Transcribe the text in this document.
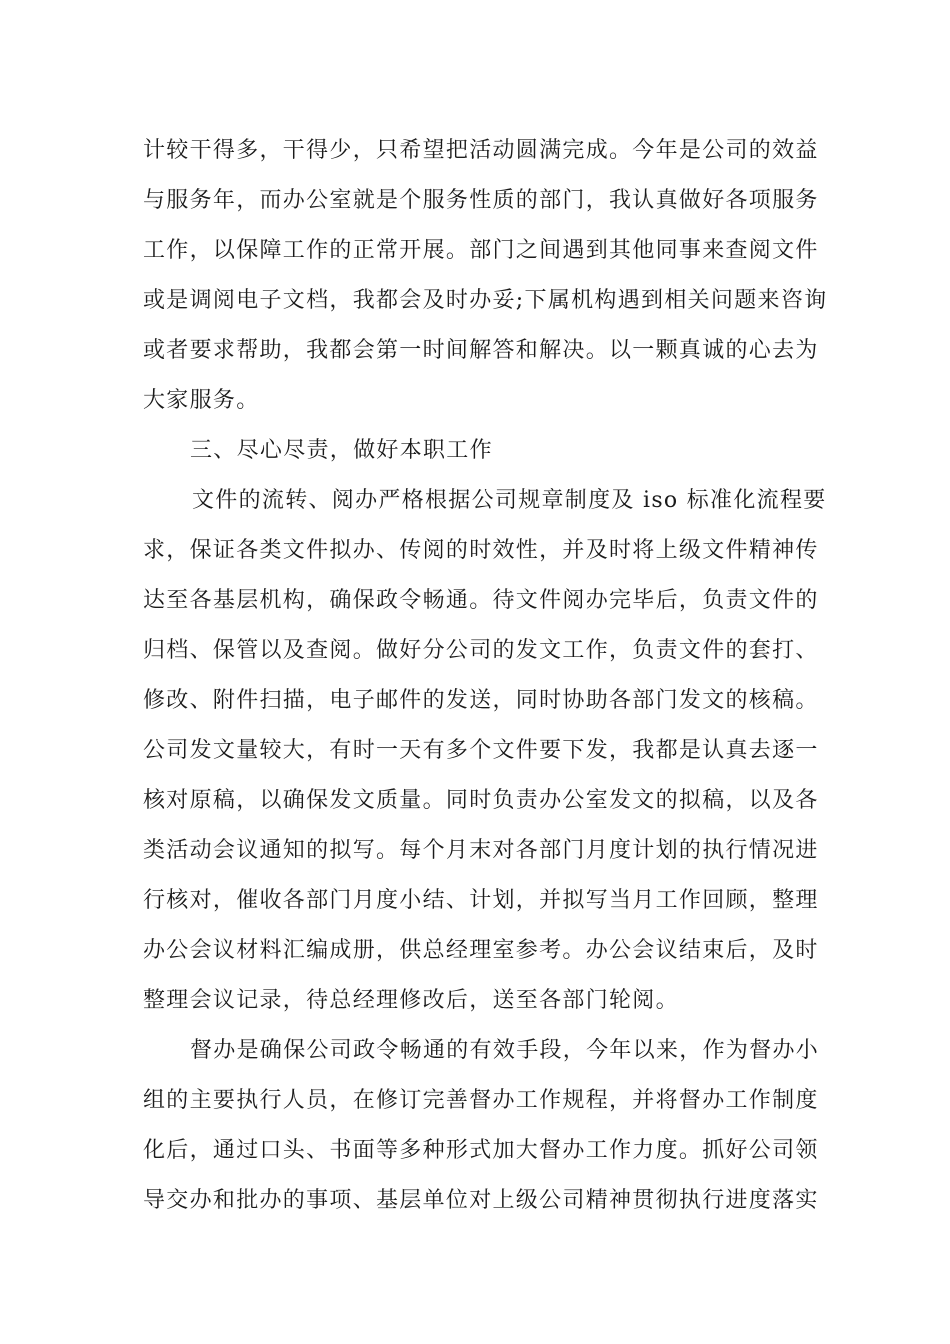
计较干得多，干得少，只希望把活动圆满完成。今年是公司的效益
与服务年，而办公室就是个服务性质的部门，我认真做好各项服务
工作，以保障工作的正常开展。部门之间遇到其他同事来查阅文件
或是调阅电子文档，我都会及时办妥;下属机构遇到相关问题来咨询
或者要求帮助，我都会第一时间解答和解决。以一颗真诚的心去为
大家服务。
三、尽心尽责，做好本职工作
文件的流转、阅办严格根据公司规章制度及 iso 标准化流程要
求，保证各类文件拟办、传阅的时效性，并及时将上级文件精神传
达至各基层机构，确保政令畅通。待文件阅办完毕后，负责文件的
归档、保管以及查阅。做好分公司的发文工作，负责文件的套打、
修改、附件扫描，电子邮件的发送，同时协助各部门发文的核稿。
公司发文量较大，有时一天有多个文件要下发，我都是认真去逐一
核对原稿，以确保发文质量。同时负责办公室发文的拟稿，以及各
类活动会议通知的拟写。每个月末对各部门月度计划的执行情况进
行核对，催收各部门月度小结、计划，并拟写当月工作回顾，整理
办公会议材料汇编成册，供总经理室参考。办公会议结束后，及时
整理会议记录，待总经理修改后，送至各部门轮阅。
督办是确保公司政令畅通的有效手段，今年以来，作为督办小
组的主要执行人员，在修订完善督办工作规程，并将督办工作制度
化后，通过口头、书面等多种形式加大督办工作力度。抓好公司领
导交办和批办的事项、基层单位对上级公司精神贯彻执行进度落实
